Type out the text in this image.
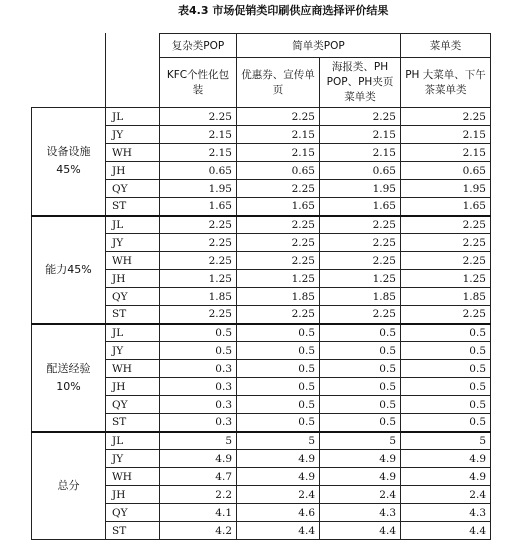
表4.3 市场促销类印刷供应商选择评价结果
		复杂类POP	简单类POP		菜单类
		KFC个性化包装	优惠券、宣传单页	海报类、PH POP、PH夹页菜单类	PH 大菜单、下午茶菜单类
设备设施 45%	JL	2.25	2.25	2.25	2.25
	JY	2.15	2.15	2.15	2.15
	WH	2.15	2.15	2.15	2.15
	JH	0.65	0.65	0.65	0.65
	QY	1.95	2.25	1.95	1.95
	ST	1.65	1.65	1.65	1.65
能力45%	JL	2.25	2.25	2.25	2.25
	JY	2.25	2.25	2.25	2.25
	WH	2.25	2.25	2.25	2.25
	JH	1.25	1.25	1.25	1.25
	QY	1.85	1.85	1.85	1.85
	ST	2.25	2.25	2.25	2.25
配送经验 10%	JL	0.5	0.5	0.5	0.5
	JY	0.5	0.5	0.5	0.5
	WH	0.3	0.5	0.5	0.5
	JH	0.3	0.5	0.5	0.5
	QY	0.3	0.5	0.5	0.5
	ST	0.3	0.5	0.5	0.5
总分	JL	5	5	5	5
	JY	4.9	4.9	4.9	4.9
	WH	4.7	4.9	4.9	4.9
	JH	2.2	2.4	2.4	2.4
	QY	4.1	4.6	4.3	4.3
	ST	4.2	4.4	4.4	4.4
